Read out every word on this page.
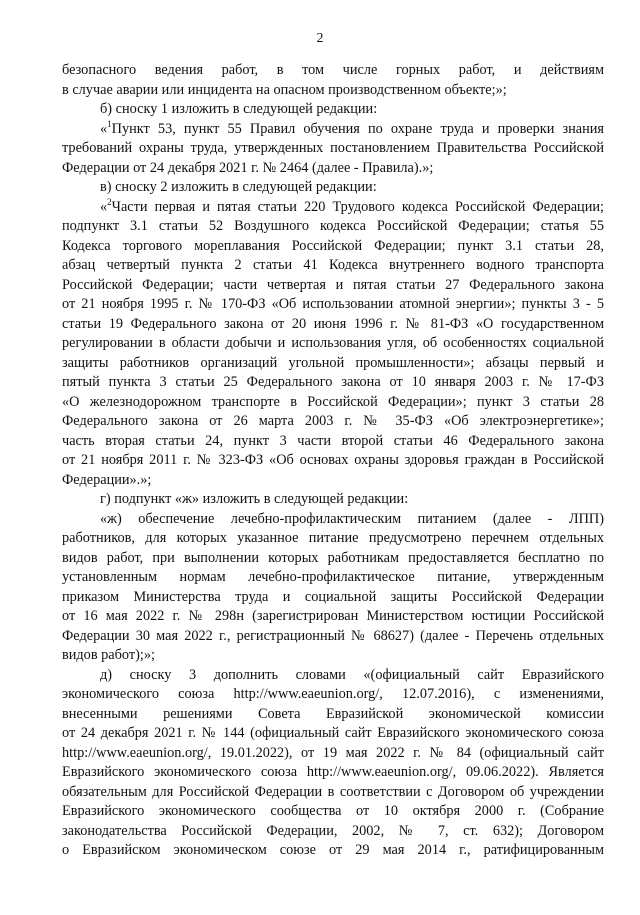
2
безопасного ведения работ, в том числе горных работ, и действиям
в случае аварии или инцидента на опасном производственном объекте;»;
б) сноску 1 изложить в следующей редакции:
«$^1$Пункт 53, пункт 55 Правил обучения по охране труда и проверки знания
требований охраны труда, утвержденных постановлением Правительства Российской
Федерации от 24 декабря 2021 г. № 2464 (далее - Правила).»;
в) сноску 2 изложить в следующей редакции:
«$^2$Части первая и пятая статьи 220 Трудового кодекса Российской Федерации;
подпункт 3.1 статьи 52 Воздушного кодекса Российской Федерации; статья 55
Кодекса торгового мореплавания Российской Федерации; пункт 3.1 статьи 28,
абзац четвертый пункта 2 статьи 41 Кодекса внутреннего водного транспорта
Российской Федерации; части четвертая и пятая статьи 27 Федерального закона
от 21 ноября 1995 г. № 170-ФЗ «Об использовании атомной энергии»; пункты 3 - 5
статьи 19 Федерального закона от 20 июня 1996 г. № 81-ФЗ «О государственном
регулировании в области добычи и использования угля, об особенностях социальной
защиты работников организаций угольной промышленности»; абзацы первый и
пятый пункта 3 статьи 25 Федерального закона от 10 января 2003 г. № 17-ФЗ
«О железнодорожном транспорте в Российской Федерации»; пункт 3 статьи 28
Федерального закона от 26 марта 2003 г. № 35-ФЗ «Об электроэнергетике»;
часть вторая статьи 24, пункт 3 части второй статьи 46 Федерального закона
от 21 ноября 2011 г. № 323-ФЗ «Об основах охраны здоровья граждан в Российской
Федерации».»;
г) подпункт «ж» изложить в следующей редакции:
«ж) обеспечение лечебно-профилактическим питанием (далее - ЛПП)
работников, для которых указанное питание предусмотрено перечнем отдельных
видов работ, при выполнении которых работникам предоставляется бесплатно по
установленным нормам лечебно-профилактическое питание, утвержденным
приказом Министерства труда и социальной защиты Российской Федерации
от 16 мая 2022 г. № 298н (зарегистрирован Министерством юстиции Российской
Федерации 30 мая 2022 г., регистрационный № 68627) (далее - Перечень отдельных
видов работ);»;
д) сноску 3 дополнить словами «(официальный сайт Евразийского
экономического союза http://www.eaeunion.org/, 12.07.2016), с изменениями,
внесенными решениями Совета Евразийской экономической комиссии
от 24 декабря 2021 г. № 144 (официальный сайт Евразийского экономического союза
http://www.eaeunion.org/, 19.01.2022), от 19 мая 2022 г. № 84 (официальный сайт
Евразийского экономического союза http://www.eaeunion.org/, 09.06.2022). Является
обязательным для Российской Федерации в соответствии с Договором об учреждении
Евразийского экономического сообщества от 10 октября 2000 г. (Собрание
законодательства Российской Федерации, 2002, № 7, ст. 632); Договором
о Евразийском экономическом союзе от 29 мая 2014 г., ратифицированным
